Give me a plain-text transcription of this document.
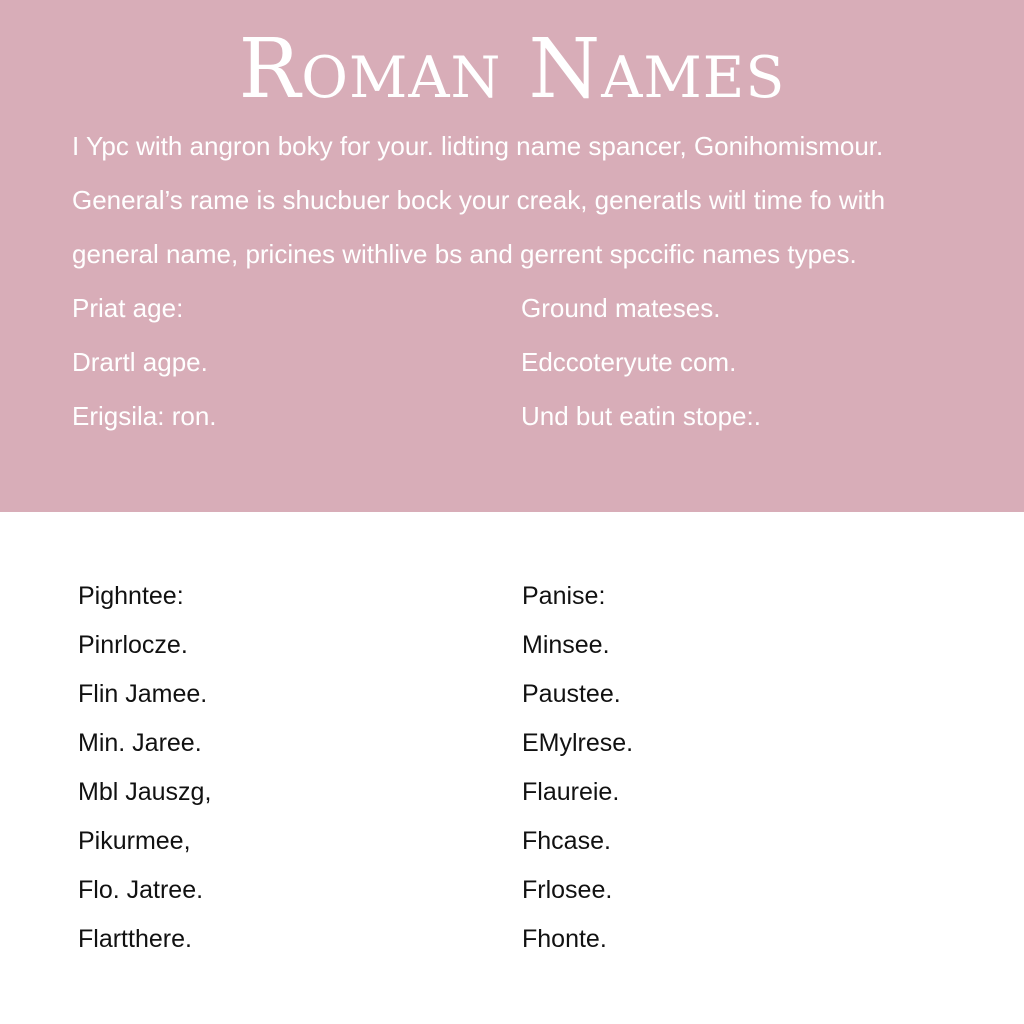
Roman Names
I Ypc with angron boky for your. lidting name spancer, Gonihomismour.
General’s rame is shucbuer bock your creak, generatls witl time fo with
general name, pricines withlive bs and gerrent spccific names types.
Priat age:
Drartl agpe.
Erigsila: ron.
Ground mateses.
Edccoteryute com.
Und but eatin stope:.
Pighntee:
Pinrlocze.
Flin Jamee.
Min. Jaree.
Mbl Jauszg,
Pikurmee,
Flo. Jatree.
Flartthere.
Panise:
Minsee.
Paustee.
EMylrese.
Flaureie.
Fhcase.
Frlosee.
Fhonte.
